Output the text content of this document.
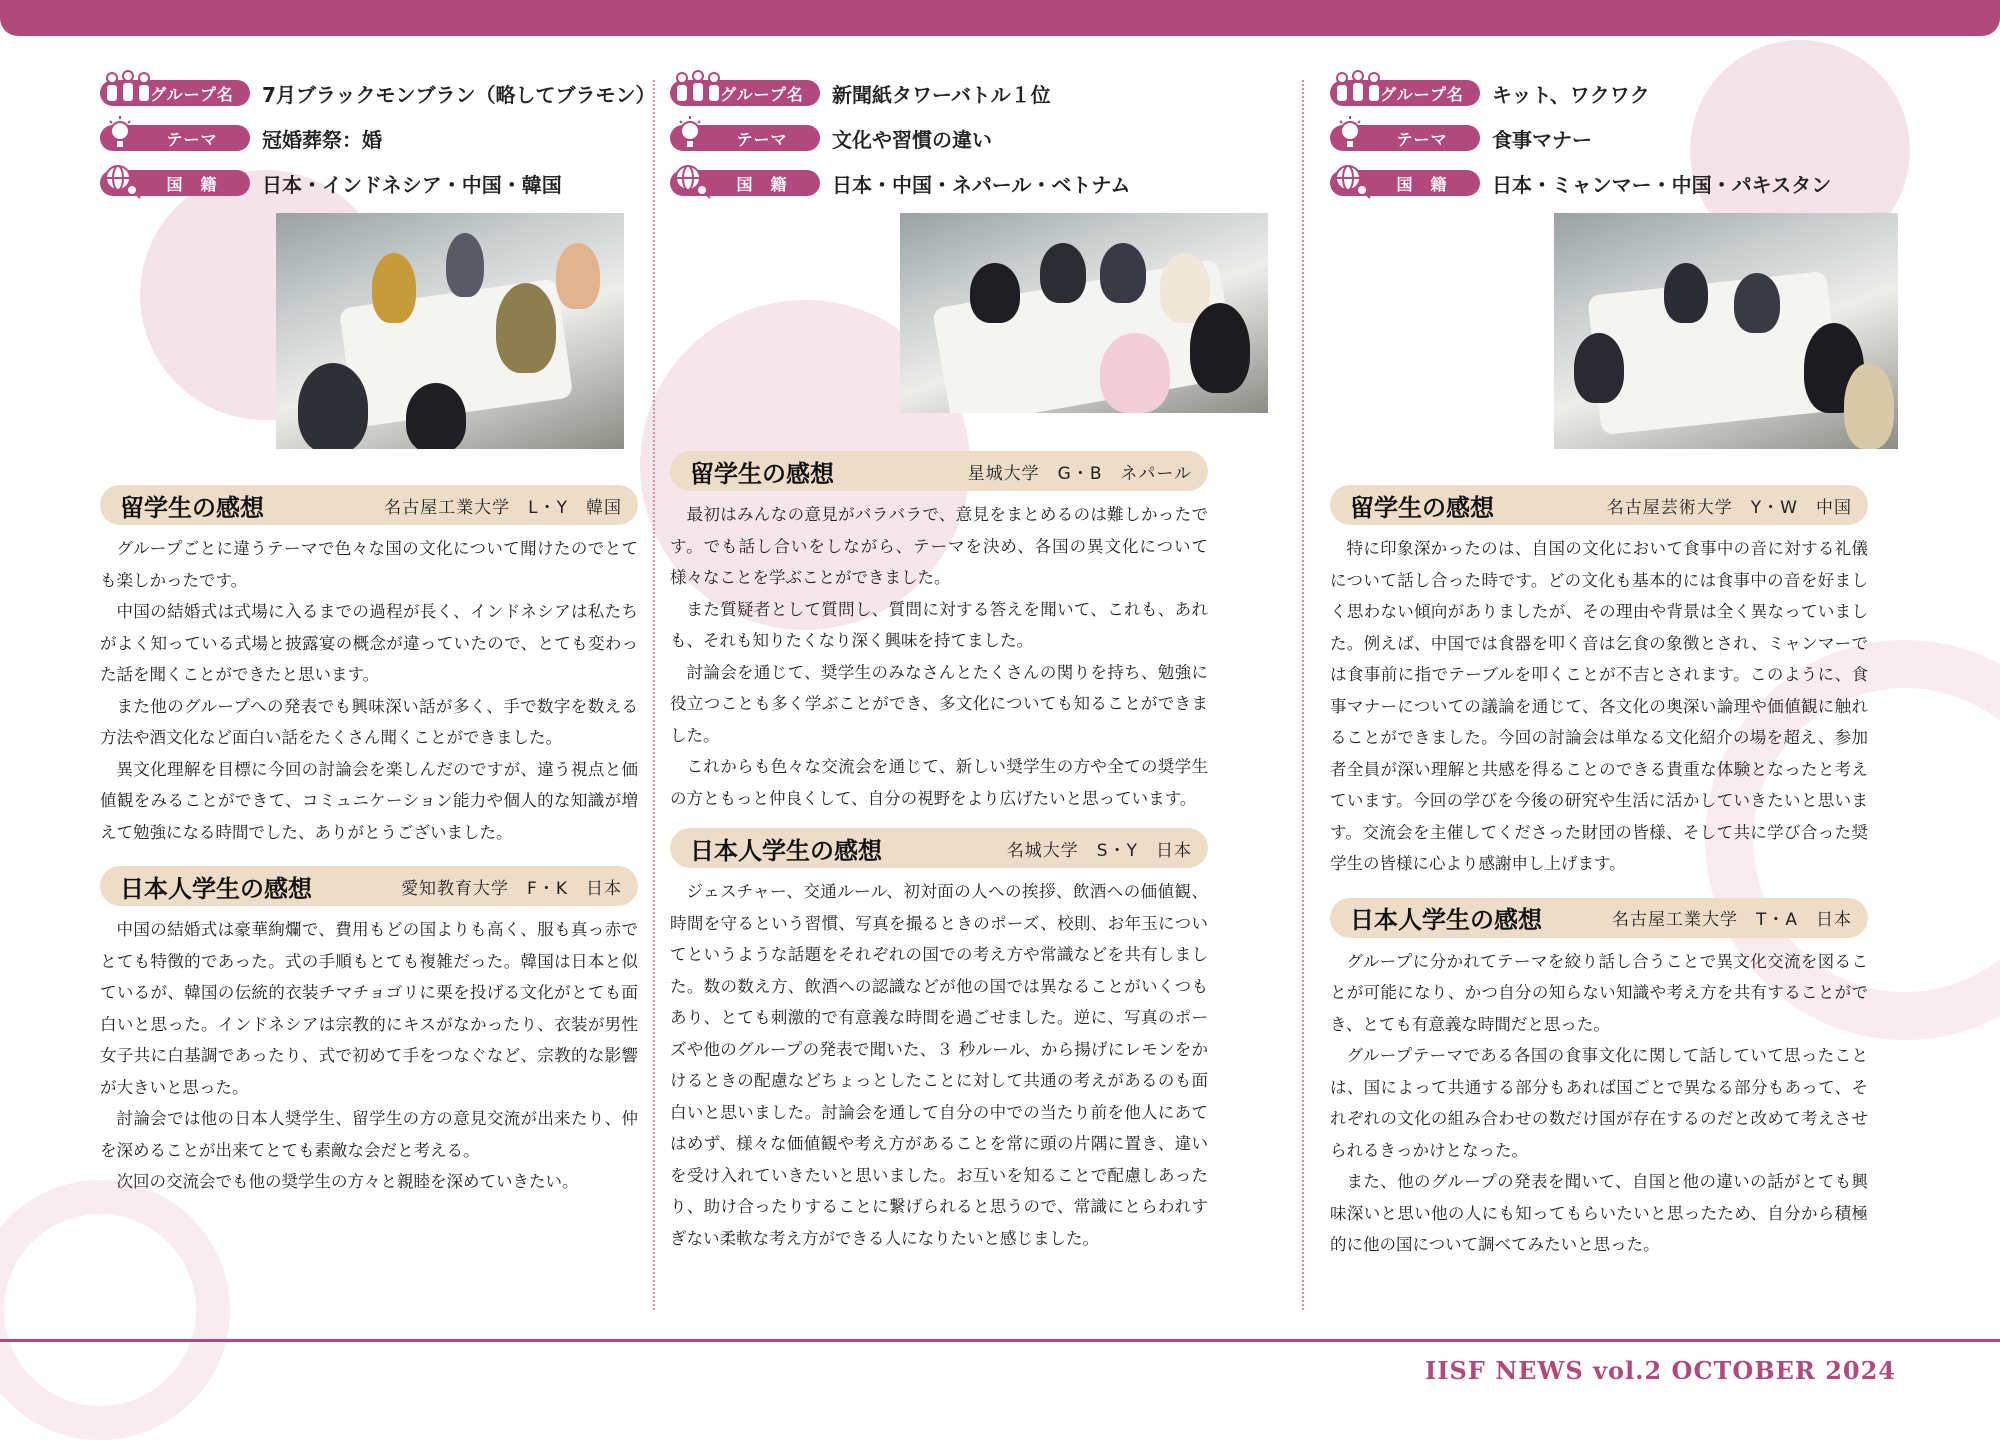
グループ名	7月ブラックモンブラン（略してブラモン）
テーマ	冠婚葬祭：婚
国　籍	日本・インドネシア・中国・韓国
留学生の感想	名古屋工業大学　L・Y　韓国

グループごとに違うテーマで色々な国の文化について聞けたのでとても楽しかったです。

中国の結婚式は式場に入るまでの過程が長く、インドネシアは私たちがよく知っている式場と披露宴の概念が違っていたので、とても変わった話を聞くことができたと思います。

また他のグループへの発表でも興味深い話が多く、手で数字を数える方法や酒文化など面白い話をたくさん聞くことができました。

異文化理解を目標に今回の討論会を楽しんだのですが、違う視点と価値観をみることができて、コミュニケーション能力や個人的な知識が増えて勉強になる時間でした、ありがとうございました。

日本人学生の感想	愛知教育大学　F・K　日本

中国の結婚式は豪華絢爛で、費用もどの国よりも高く、服も真っ赤でとても特徴的であった。式の手順もとても複雑だった。韓国は日本と似ているが、韓国の伝統的衣装チマチョゴリに栗を投げる文化がとても面白いと思った。インドネシアは宗教的にキスがなかったり、衣装が男性女子共に白基調であったり、式で初めて手をつなぐなど、宗教的な影響が大きいと思った。

討論会では他の日本人奨学生、留学生の方の意見交流が出来たり、仲を深めることが出来てとても素敵な会だと考える。

次回の交流会でも他の奨学生の方々と親睦を深めていきたい。

グループ名	新聞紙タワーバトル１位
テーマ	文化や習慣の違い
国　籍	日本・中国・ネパール・ベトナム
留学生の感想	星城大学　G・B　ネパール

最初はみんなの意見がバラバラで、意見をまとめるのは難しかったです。でも話し合いをしながら、テーマを決め、各国の異文化について様々なことを学ぶことができました。

また質疑者として質問し、質問に対する答えを聞いて、これも、あれも、それも知りたくなり深く興味を持てました。

討論会を通じて、奨学生のみなさんとたくさんの関りを持ち、勉強に役立つことも多く学ぶことができ、多文化についても知ることができました。

これからも色々な交流会を通じて、新しい奨学生の方や全ての奨学生の方ともっと仲良くして、自分の視野をより広げたいと思っています。

日本人学生の感想	名城大学　S・Y　日本

ジェスチャー、交通ルール、初対面の人への挨拶、飲酒への価値観、時間を守るという習慣、写真を撮るときのポーズ、校則、お年玉についてというような話題をそれぞれの国での考え方や常識などを共有しました。数の数え方、飲酒への認識などが他の国では異なることがいくつもあり、とても刺激的で有意義な時間を過ごせました。逆に、写真のポーズや他のグループの発表で聞いた、３ 秒ルール、から揚げにレモンをかけるときの配慮などちょっとしたことに対して共通の考えがあるのも面白いと思いました。討論会を通して自分の中での当たり前を他人にあてはめず、様々な価値観や考え方があることを常に頭の片隅に置き、違いを受け入れていきたいと思いました。お互いを知ることで配慮しあったり、助け合ったりすることに繋げられると思うので、常識にとらわれすぎない柔軟な考え方ができる人になりたいと感じました。

グループ名	キット、ワクワク
テーマ	食事マナー
国　籍	日本・ミャンマー・中国・パキスタン
留学生の感想	名古屋芸術大学　Y・W　中国

特に印象深かったのは、自国の文化において食事中の音に対する礼儀について話し合った時です。どの文化も基本的には食事中の音を好ましく思わない傾向がありましたが、その理由や背景は全く異なっていました。例えば、中国では食器を叩く音は乞食の象徴とされ、ミャンマーでは食事前に指でテーブルを叩くことが不吉とされます。このように、食事マナーについての議論を通じて、各文化の奥深い論理や価値観に触れることができました。今回の討論会は単なる文化紹介の場を超え、参加者全員が深い理解と共感を得ることのできる貴重な体験となったと考えています。今回の学びを今後の研究や生活に活かしていきたいと思います。交流会を主催してくださった財団の皆様、そして共に学び合った奨学生の皆様に心より感謝申し上げます。

日本人学生の感想	名古屋工業大学　T・A　日本

グループに分かれてテーマを絞り話し合うことで異文化交流を図ることが可能になり、かつ自分の知らない知識や考え方を共有することができ、とても有意義な時間だと思った。

グループテーマである各国の食事文化に関して話していて思ったことは、国によって共通する部分もあれば国ごとで異なる部分もあって、それぞれの文化の組み合わせの数だけ国が存在するのだと改めて考えさせられるきっかけとなった。

また、他のグループの発表を聞いて、自国と他の違いの話がとても興味深いと思い他の人にも知ってもらいたいと思ったため、自分から積極的に他の国について調べてみたいと思った。

IISF NEWS vol.2 OCTOBER 2024
